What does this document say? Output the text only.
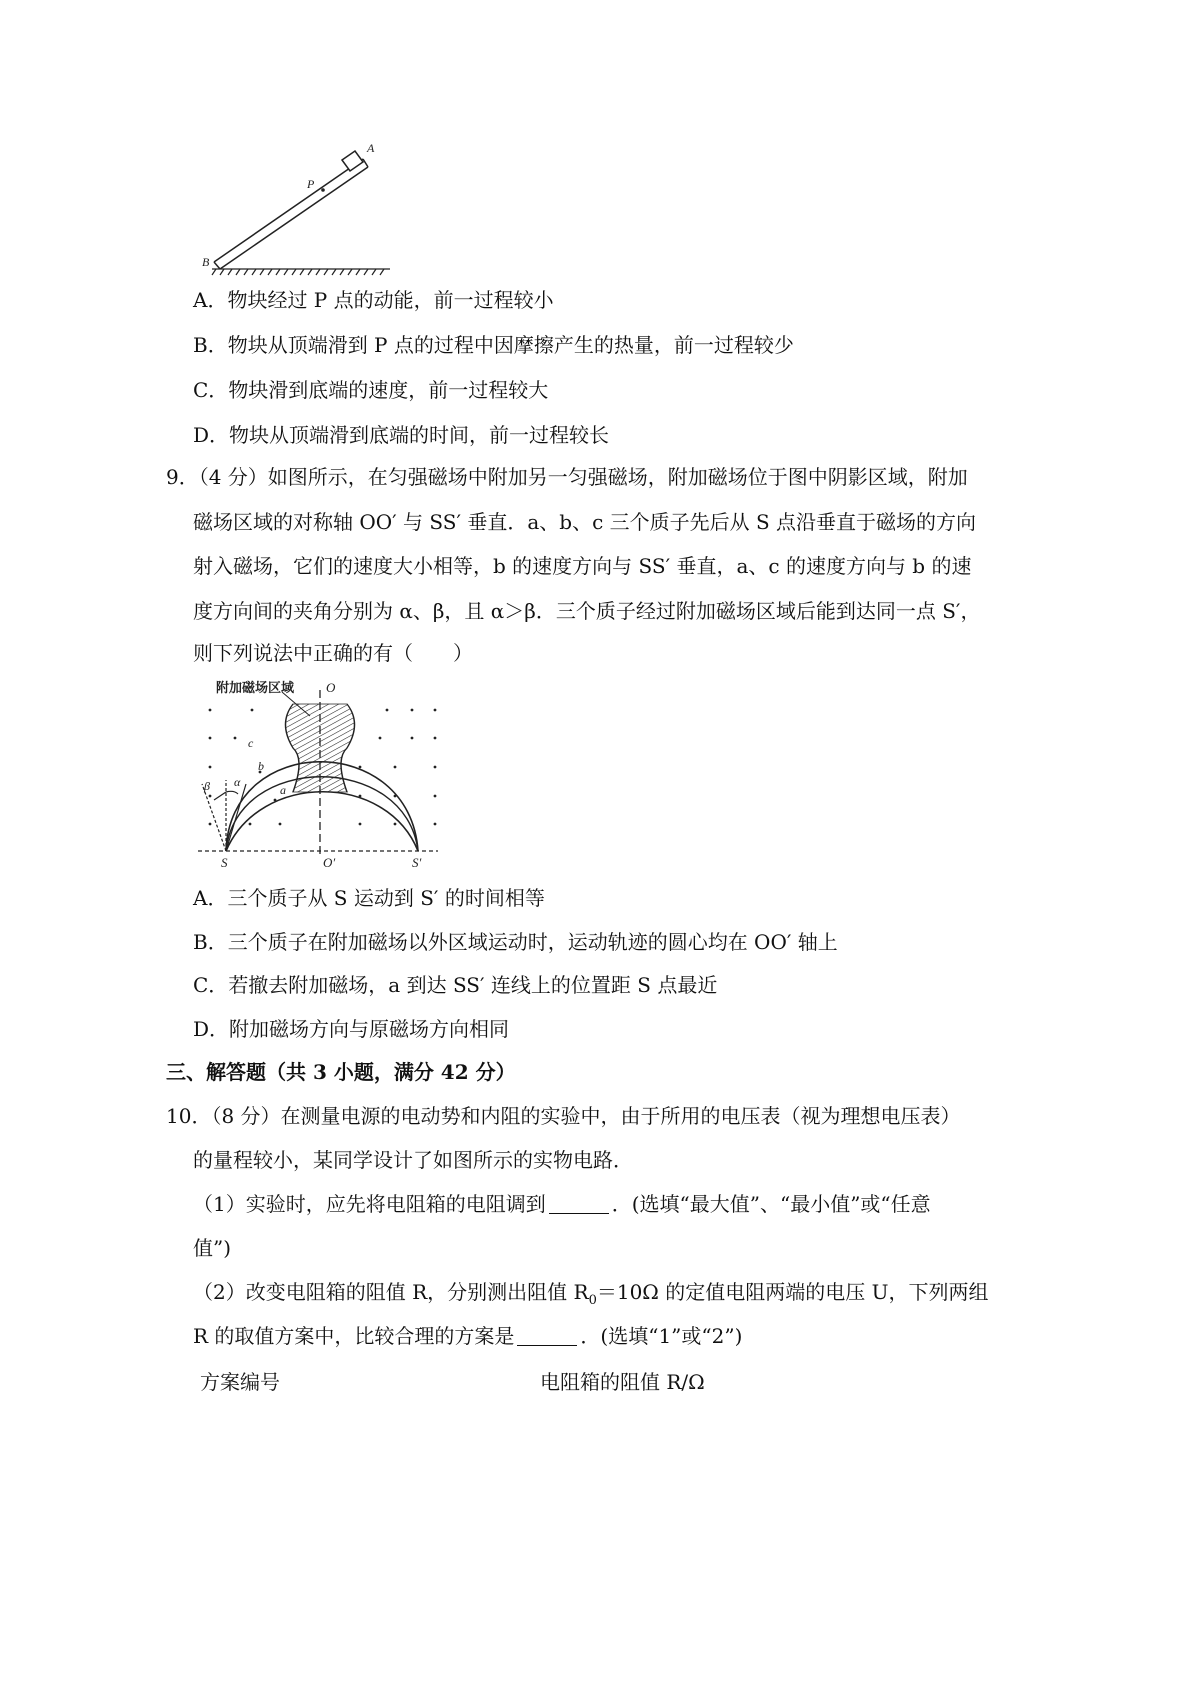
A
P
B
A．物块经过 P 点的动能，前一过程较小
B．物块从顶端滑到 P 点的过程中因摩擦产生的热量，前一过程较少
C．物块滑到底端的速度，前一过程较大
D．物块从顶端滑到底端的时间，前一过程较长
9．（4 分）如图所示，在匀强磁场中附加另一匀强磁场，附加磁场位于图中阴影区域，附加
磁场区域的对称轴 OO′ 与 SS′ 垂直．a、b、c 三个质子先后从 S 点沿垂直于磁场的方向
射入磁场，它们的速度大小相等，b 的速度方向与 SS′ 垂直，a、c 的速度方向与 b 的速
度方向间的夹角分别为 α、β，且 α＞β．三个质子经过附加磁场区域后能到达同一点 S′，
则下列说法中正确的有（　　）
附加磁场区域 O
O′
S	S′
c
b
a
β α
A．三个质子从 S 运动到 S′ 的时间相等
B．三个质子在附加磁场以外区域运动时，运动轨迹的圆心均在 OO′ 轴上
C．若撤去附加磁场，a 到达 SS′ 连线上的位置距 S 点最近
D．附加磁场方向与原磁场方向相同
三、解答题（共 3 小题，满分 42 分）
10．（8 分）在测量电源的电动势和内阻的实验中，由于所用的电压表（视为理想电压表）
的量程较小，某同学设计了如图所示的实物电路．
（1）实验时，应先将电阻箱的电阻调到	．(选填“最大值”、“最小值”或“任意
值”)
（2）改变电阻箱的阻值 R，分别测出阻值 $R_0=10\Omega$ 的定值电阻两端的电压 U，下列两组
R 的取值方案中，比较合理的方案是	．(选填“1”或“2”)
方案编号	电阻箱的阻值 R/Ω
